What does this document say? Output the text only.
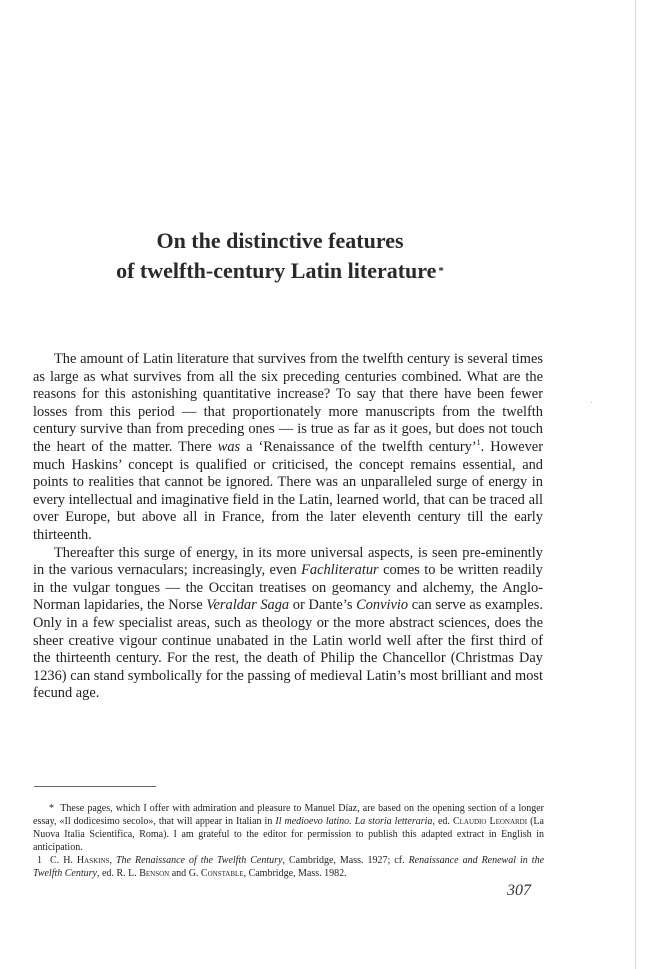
On the distinctive features
of twelfth-century Latin literature *

The amount of Latin literature that survives from the twelfth century is several times as large as what survives from all the six preceding centuries combined. What are the reasons for this astonishing quantitative increase? To say that there have been fewer losses from this period — that proportionately more manuscripts from the twelfth century survive than from preceding ones — is true as far as it goes, but does not touch the heart of the matter. There was a ‘Renaissance of the twelfth century’$^1$. However much Haskins’ concept is qualified or criticised, the concept remains essential, and points to realities that cannot be ignored. There was an unparalleled surge of energy in every intellectual and imaginative field in the Latin, learned world, that can be traced all over Europe, but above all in France, from the later eleventh century till the early thirteenth.

Thereafter this surge of energy, in its more universal aspects, is seen pre-eminently in the various vernaculars; increasingly, even Fachliteratur comes to be written readily in the vulgar tongues — the Occitan treatises on geomancy and alchemy, the Anglo-Norman lapidaries, the Norse Veraldar Saga or Dante’s Convivio can serve as examples. Only in a few specialist areas, such as theology or the more abstract sciences, does the sheer creative vigour continue unabated in the Latin world well after the first third of the thirteenth century. For the rest, the death of Philip the Chancellor (Christmas Day 1236) can stand symbolically for the passing of medieval Latin’s most brilliant and most fecund age.

* These pages, which I offer with admiration and pleasure to Manuel Díaz, are based on the opening section of a longer essay, «Il dodicesimo secolo», that will appear in Italian in Il medioevo latino. La storia letteraria, ed. Claudio Leonardi (La Nuova Italia Scientifica, Roma). I am grateful to the editor for permission to publish this adapted extract in English in anticipation.

1 C. H. Haskins, The Renaissance of the Twelfth Century, Cambridge, Mass. 1927; cf. Renaissance and Renewal in the Twelfth Century, ed. R. L. Benson and G. Constable, Cambridge, Mass. 1982.

307
